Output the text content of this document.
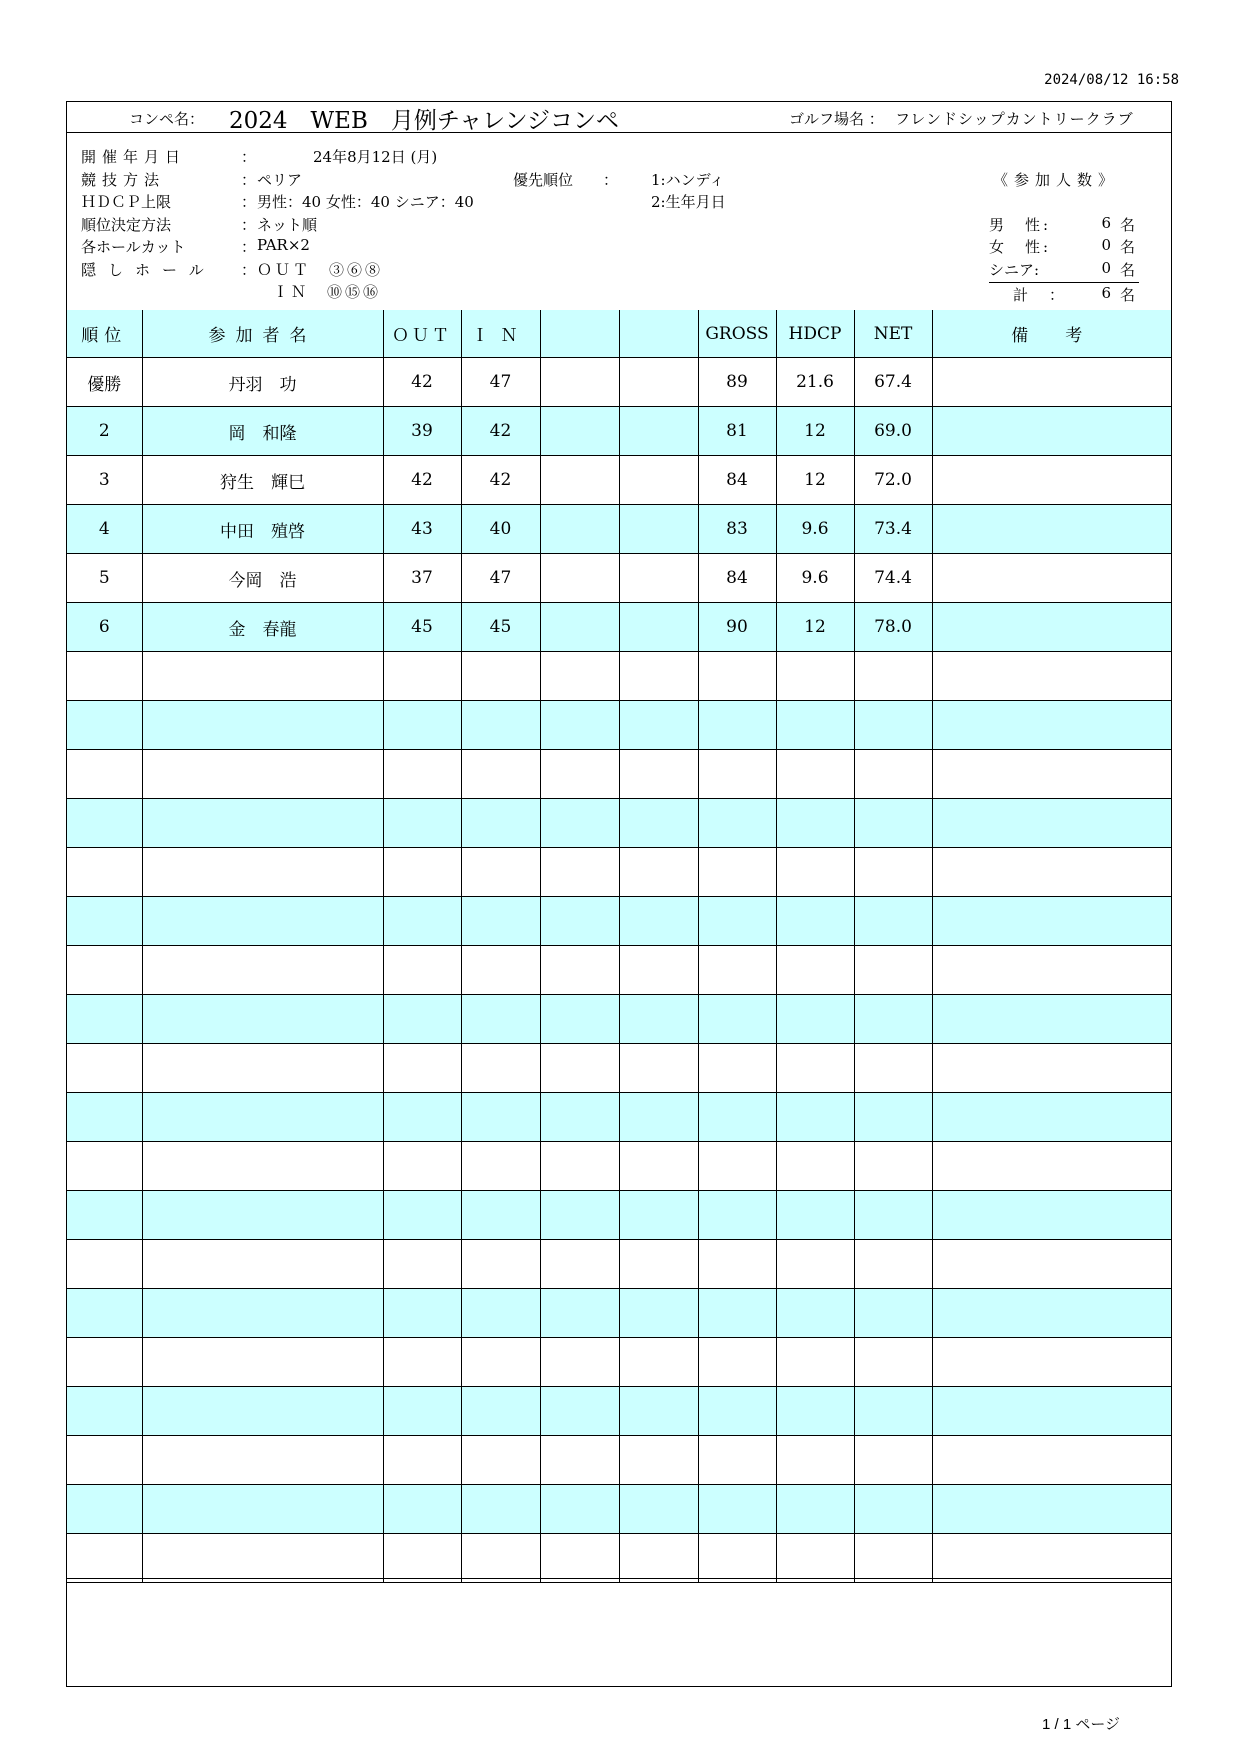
2024/08/12 16:58
コンペ名： 2024　WEB　月例チャレンジコンペ	ゴルフ場名 ： フレンドシップカントリークラブ
開催年月日	：	24年8月12日 (月)
競技方法	： ペリア
ＨＤＣＰ上限	： 男性：40 女性：40 シニア：40
順位決定方法	： ネット順
各ホールカット	： PAR×2
隠しホール	： ＯＵＴ　③⑥⑧
ＩＮ　⑩⑮⑯
優先順位 ： 1:ハンディ
2:生年月日
《参加人数》
男　性:	6 名
女　性:	0 名
シニア:	0 名
計　： 6 名
順位	参加者名	ＯＵＴ	ＩＮ			GROSS	HDCP	NET	備　考
優勝	丹羽　功	42	47			89	21.6	67.4	
2	岡　和隆	39	42			81	12	69.0	
3	狩生　輝巳	42	42			84	12	72.0	
4	中田　殖啓	43	40			83	9.6	73.4	
5	今岡　浩	37	47			84	9.6	74.4	
6	金　春龍	45	45			90	12	78.0	

1 / 1 ページ
